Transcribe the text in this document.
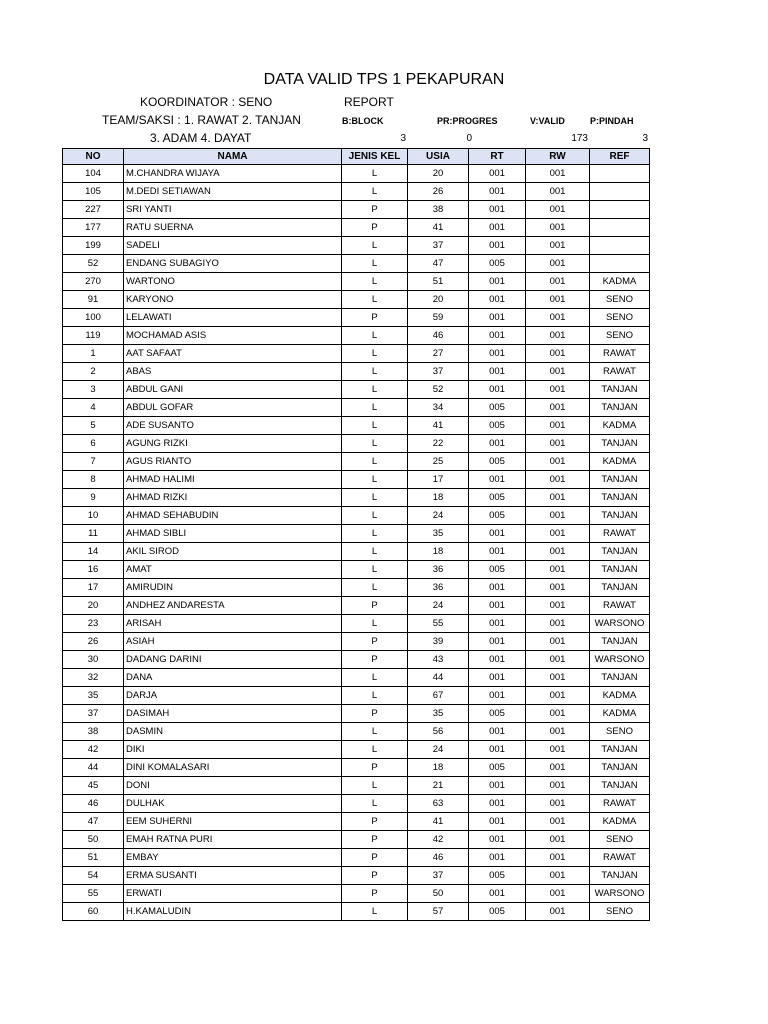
DATA VALID TPS 1 PEKAPURAN
KOORDINATOR : SENO
TEAM/SAKSI : 1. RAWAT 2. TANJAN
3. ADAM 4. DAYAT
REPORT
B:BLOCK	PR:PROGRES	V:VALID	P:PINDAH
3	0	173	3
NO	NAMA	JENIS KEL	USIA	RT	RW	REF
104	M.CHANDRA WIJAYA	L	20	001	001	
105	M.DEDI SETIAWAN	L	26	001	001	
227	SRI YANTI	P	38	001	001	
177	RATU SUERNA	P	41	001	001	
199	SADELI	L	37	001	001	
52	ENDANG SUBAGIYO	L	47	005	001	
270	WARTONO	L	51	001	001	KADMA
91	KARYONO	L	20	001	001	SENO
100	LELAWATI	P	59	001	001	SENO
119	MOCHAMAD ASIS	L	46	001	001	SENO
1	AAT SAFAAT	L	27	001	001	RAWAT
2	ABAS	L	37	001	001	RAWAT
3	ABDUL GANI	L	52	001	001	TANJAN
4	ABDUL GOFAR	L	34	005	001	TANJAN
5	ADE SUSANTO	L	41	005	001	KADMA
6	AGUNG RIZKI	L	22	001	001	TANJAN
7	AGUS RIANTO	L	25	005	001	KADMA
8	AHMAD HALIMI	L	17	001	001	TANJAN
9	AHMAD RIZKI	L	18	005	001	TANJAN
10	AHMAD SEHABUDIN	L	24	005	001	TANJAN
11	AHMAD SIBLI	L	35	001	001	RAWAT
14	AKIL SIROD	L	18	001	001	TANJAN
16	AMAT	L	36	005	001	TANJAN
17	AMIRUDIN	L	36	001	001	TANJAN
20	ANDHEZ ANDARESTA	P	24	001	001	RAWAT
23	ARISAH	L	55	001	001	WARSONO
26	ASIAH	P	39	001	001	TANJAN
30	DADANG DARINI	P	43	001	001	WARSONO
32	DANA	L	44	001	001	TANJAN
35	DARJA	L	67	001	001	KADMA
37	DASIMAH	P	35	005	001	KADMA
38	DASMIN	L	56	001	001	SENO
42	DIKI	L	24	001	001	TANJAN
44	DINI KOMALASARI	P	18	005	001	TANJAN
45	DONI	L	21	001	001	TANJAN
46	DULHAK	L	63	001	001	RAWAT
47	EEM SUHERNI	P	41	001	001	KADMA
50	EMAH RATNA PURI	P	42	001	001	SENO
51	EMBAY	P	46	001	001	RAWAT
54	ERMA SUSANTI	P	37	005	001	TANJAN
55	ERWATI	P	50	001	001	WARSONO
60	H.KAMALUDIN	L	57	005	001	SENO
